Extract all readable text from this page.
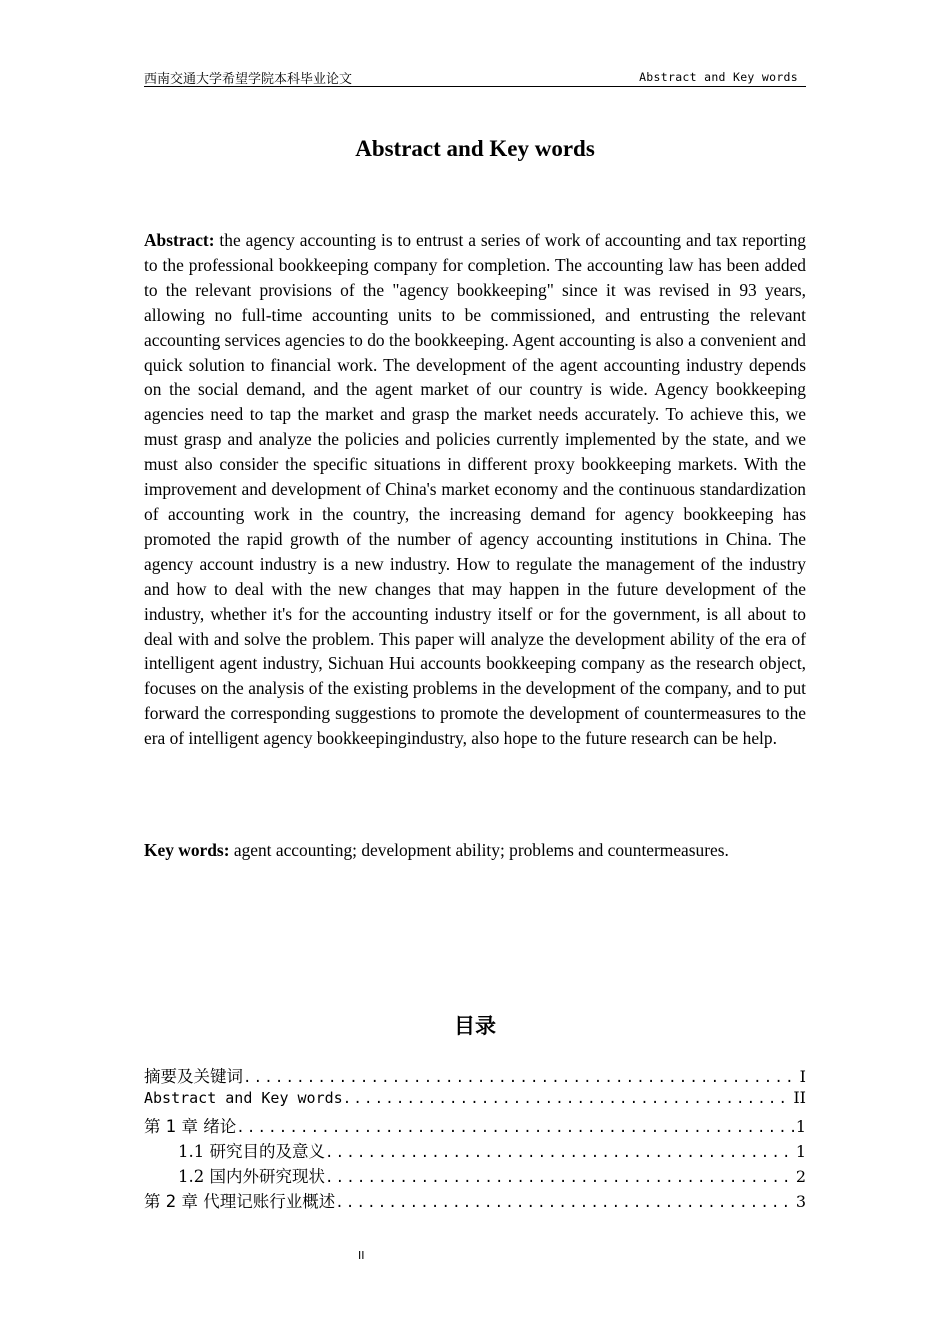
西南交通大学希望学院本科毕业论文	Abstract and Key words
Abstract and Key words

Abstract: the agency accounting is to entrust a series of work of accounting and tax reporting to the professional bookkeeping company for completion. The accounting law has been added to the relevant provisions of the "agency bookkeeping" since it was revised in 93 years, allowing no full-time accounting units to be commissioned, and entrusting the relevant accounting services agencies to do the bookkeeping. Agent accounting is also a convenient and quick solution to financial work. The development of the agent accounting industry depends on the social demand, and the agent market of our country is wide. Agency bookkeeping agencies need to tap the market and grasp the market needs accurately. To achieve this, we must grasp and analyze the policies and policies currently implemented by the state, and we must also consider the specific situations in different proxy bookkeeping markets. With the improvement and development of China's market economy and the continuous standardization of accounting work in the country, the increasing demand for agency bookkeeping has promoted the rapid growth of the number of agency accounting institutions in China. The agency account industry is a new industry. How to regulate the management of the industry and how to deal with the new changes that may happen in the future development of the industry, whether it's for the accounting industry itself or for the government, is all about to deal with and solve the problem. This paper will analyze the development ability of the era of intelligent agent industry, Sichuan Hui accounts bookkeeping company as the research object, focuses on the analysis of the existing problems in the development of the company, and to put forward the corresponding suggestions to promote the development of countermeasures to the era of intelligent agency bookkeepingindustry, also hope to the future research can be help.

Key words: agent accounting; development ability; problems and countermeasures.

目录
摘要及关键词 .....	I
Abstract and Key words .....	II
第 1 章 绪论 .....	1
1.1 研究目的及意义 .....	1
1.2 国内外研究现状 .....	2
第 2 章 代理记账行业概述 .....	3
II
